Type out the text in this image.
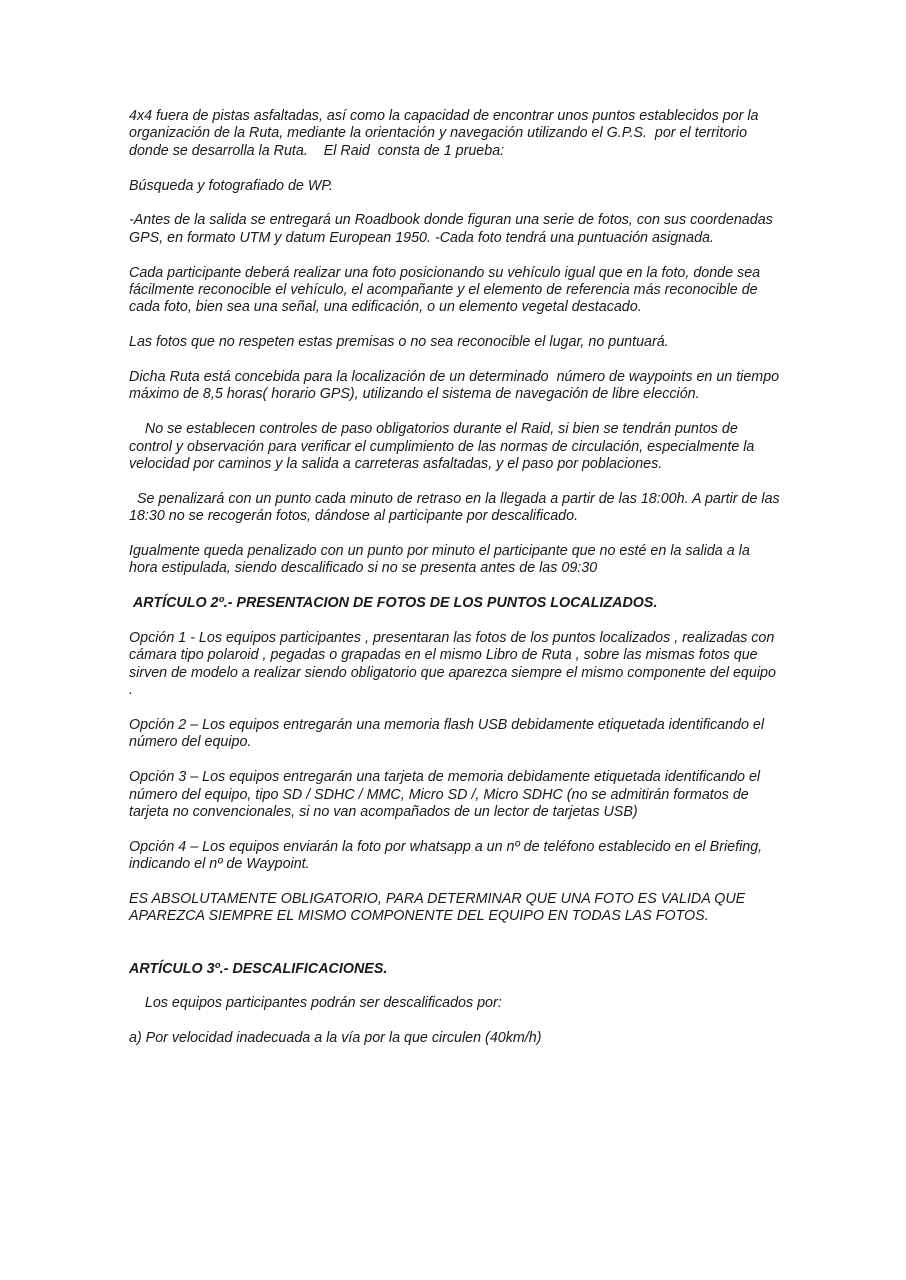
4x4 fuera de pistas asfaltadas, así como la capacidad de encontrar unos puntos establecidos por la organización de la Ruta, mediante la orientación y navegación utilizando el G.P.S.  por el territorio donde se desarrolla la Ruta.    El Raid  consta de 1 prueba:

Búsqueda y fotografiado de WP.

-Antes de la salida se entregará un Roadbook donde figuran una serie de fotos, con sus coordenadas GPS, en formato UTM y datum European 1950. -Cada foto tendrá una puntuación asignada.

Cada participante deberá realizar una foto posicionando su vehículo igual que en la foto, donde sea fácilmente reconocible el vehículo, el acompañante y el elemento de referencia más reconocible de cada foto, bien sea una señal, una edificación, o un elemento vegetal destacado.

Las fotos que no respeten estas premisas o no sea reconocible el lugar, no puntuará.

Dicha Ruta está concebida para la localización de un determinado  número de waypoints en un tiempo máximo de 8,5 horas( horario GPS), utilizando el sistema de navegación de libre elección.

No se establecen controles de paso obligatorios durante el Raid, si bien se tendrán puntos de control y observación para verificar el cumplimiento de las normas de circulación, especialmente la velocidad por caminos y la salida a carreteras asfaltadas, y el paso por poblaciones.

Se penalizará con un punto cada minuto de retraso en la llegada a partir de las 18:00h. A partir de las 18:30 no se recogerán fotos, dándose al participante por descalificado.

Igualmente queda penalizado con un punto por minuto el participante que no esté en la salida a la hora estipulada, siendo descalificado si no se presenta antes de las 09:30

ARTÍCULO 2º.- PRESENTACION DE FOTOS DE LOS PUNTOS LOCALIZADOS.

Opción 1 - Los equipos participantes , presentaran las fotos de los puntos localizados , realizadas con cámara tipo polaroid , pegadas o grapadas en el mismo Libro de Ruta , sobre las mismas fotos que sirven de modelo a realizar siendo obligatorio que aparezca siempre el mismo componente del equipo .

Opción 2 – Los equipos entregarán una memoria flash USB debidamente etiquetada identificando el número del equipo.

Opción 3 – Los equipos entregarán una tarjeta de memoria debidamente etiquetada identificando el número del equipo, tipo SD / SDHC / MMC, Micro SD /, Micro SDHC (no se admitirán formatos de tarjeta no convencionales, si no van acompañados de un lector de tarjetas USB)

Opción 4 – Los equipos enviarán la foto por whatsapp a un nº de teléfono establecido en el Briefing, indicando el nº de Waypoint.

ES ABSOLUTAMENTE OBLIGATORIO, PARA DETERMINAR QUE UNA FOTO ES VALIDA QUE APAREZCA SIEMPRE EL MISMO COMPONENTE DEL EQUIPO EN TODAS LAS FOTOS.

ARTÍCULO 3º.- DESCALIFICACIONES.

Los equipos participantes podrán ser descalificados por:

a) Por velocidad inadecuada a la vía por la que circulen (40km/h)
